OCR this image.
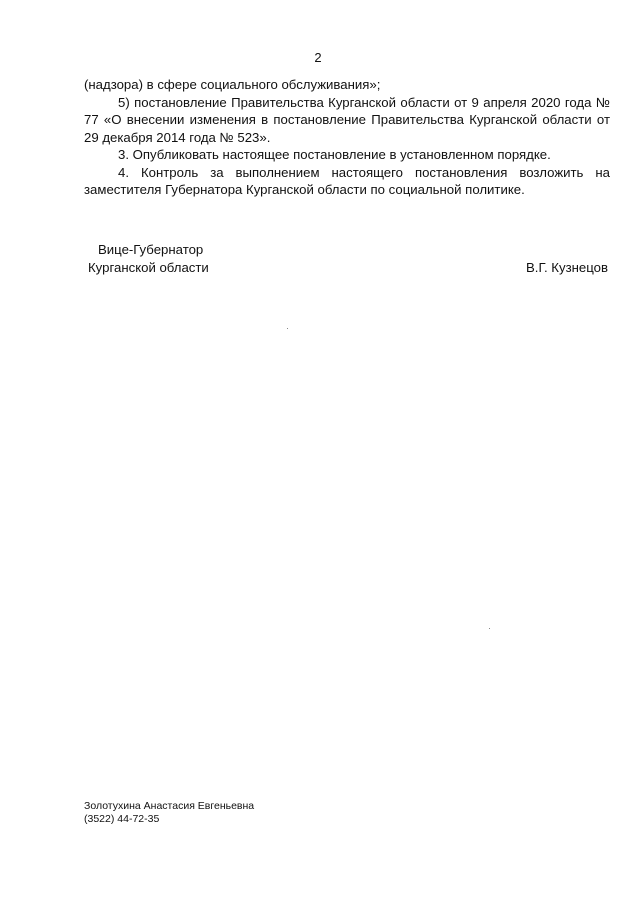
2

(надзора) в сфере социального обслуживания»;

5) постановление Правительства Курганской области от 9 апреля 2020 года № 77 «О внесении изменения в постановление Правительства Курганской области от 29 декабря 2014 года № 523».

3. Опубликовать настоящее постановление в установленном порядке.

4. Контроль за выполнением настоящего постановления возложить на заместителя Губернатора Курганской области по социальной политике.

Вице-Губернатор
Курганской области	В.Г. Кузнецов
Золотухина Анастасия Евгеньевна
(3522) 44-72-35
